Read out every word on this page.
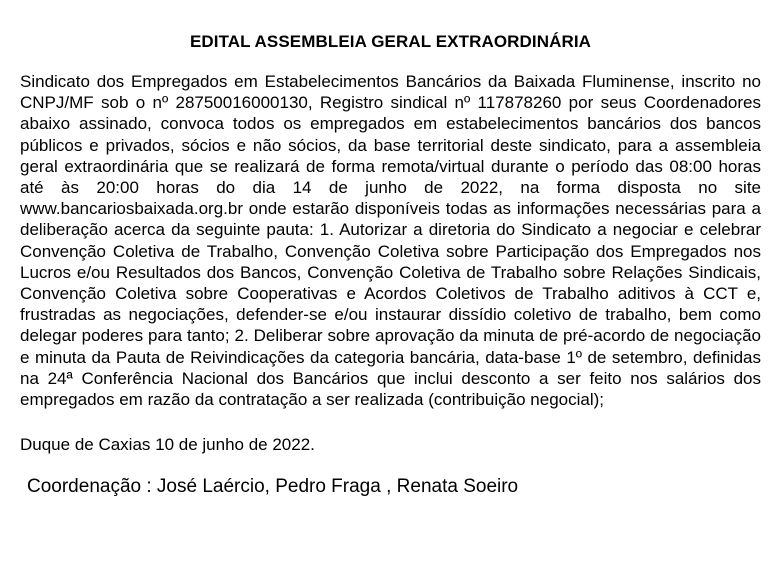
EDITAL ASSEMBLEIA GERAL EXTRAORDINÁRIA

Sindicato dos Empregados em Estabelecimentos Bancários da Baixada Fluminense, inscrito no CNPJ/MF sob o nº 28750016000130, Registro sindical nº 117878260 por seus Coordenadores abaixo assinado, convoca todos os empregados em estabelecimentos bancários dos bancos públicos e privados, sócios e não sócios, da base territorial deste sindicato, para a assembleia geral extraordinária que se realizará de forma remota/virtual durante o período das 08:00 horas até às 20:00 horas do dia 14 de junho de 2022, na forma disposta no site www.bancariosbaixada.org.br onde estarão disponíveis todas as informações necessárias para a deliberação acerca da seguinte pauta: 1. Autorizar a diretoria do Sindicato a negociar e celebrar Convenção Coletiva de Trabalho, Convenção Coletiva sobre Participação dos Empregados nos Lucros e/ou Resultados dos Bancos, Convenção Coletiva de Trabalho sobre Relações Sindicais, Convenção Coletiva sobre Cooperativas e Acordos Coletivos de Trabalho aditivos à CCT e, frustradas as negociações, defender-se e/ou instaurar dissídio coletivo de trabalho, bem como delegar poderes para tanto; 2. Deliberar sobre aprovação da minuta de pré-acordo de negociação e minuta da Pauta de Reivindicações da categoria bancária, data-base 1º de setembro, definidas na 24ª Conferência Nacional dos Bancários que inclui desconto a ser feito nos salários dos empregados em razão da contratação a ser realizada (contribuição negocial);

Duque de Caxias 10 de junho de 2022.

Coordenação : José Laércio, Pedro Fraga , Renata Soeiro
